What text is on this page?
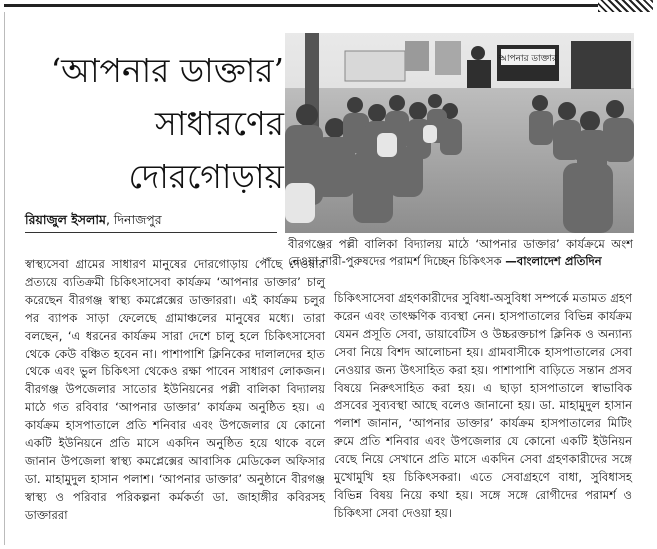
‘আপনার ডাক্তার’
সাধারণের
দোরগোড়ায়
রিয়াজুল ইসলাম, দিনাজপুর
আপনার ডাক্তার
বীরগঞ্জের পল্লী বালিকা বিদ্যালয় মাঠে ‘আপনার ডাক্তার’ কার্যক্রমে অংশ নেওয়া নারী-পুরুষদের পরামর্শ দিচ্ছেন চিকিৎসক —বাংলাদেশ প্রতিদিন
স্বাস্থ্যসেবা গ্রামের সাধারণ মানুষের দোরগোড়ায় পৌঁছে দেওয়ার প্রত্যয়ে ব্যতিক্রমী চিকিৎসাসেবা কার্যক্রম ‘আপনার ডাক্তার’ চালু করেছেন বীরগঞ্জ স্বাস্থ্য কমপ্লেক্সের ডাক্তাররা। এই কার্যক্রম চলুর পর ব্যাপক সাড়া ফেলেছে গ্রামাঞ্চলের মানুষের মধ্যে। তারা বলছেন, ‘এ ধরনের কার্যক্রম সারা দেশে চালু হলে চিকিৎসাসেবা থেকে কেউ বঞ্চিত হবেন না। পাশাপাশি ক্লিনিকের দালালদের হাত থেকে এবং ভুল চিকিৎসা থেকেও রক্ষা পাবেন সাধারণ লোকজন। বীরগঞ্জ উপজেলার সাতোর ইউনিয়নের পল্লী বালিকা বিদ্যালয় মাঠে গত রবিবার ‘আপনার ডাক্তার’ কার্যক্রম অনুষ্ঠিত হয়। এ কার্যক্রম হাসপাতালে প্রতি শনিবার এবং উপজেলার যে কোনো একটি ইউনিয়নে প্রতি মাসে একদিন অনুষ্ঠিত হয়ে থাকে বলে জানান উপজেলা স্বাস্থ্য কমপ্লেক্সের আবাসিক মেডিকেল অফিসার ডা. মাহামুদুল হাসান পলাশ। ‘আপনার ডাক্তার’ অনুষ্ঠানে বীরগঞ্জ স্বাস্থ্য ও পরিবার পরিকল্পনা কর্মকর্তা ডা. জাহাঙ্গীর কবিরসহ ডাক্তাররা
চিকিৎসাসেবা গ্রহণকারীদের সুবিধা-অসুবিধা সম্পর্কে মতামত গ্রহণ করেন এবং তাৎক্ষণিক ব্যবস্থা নেন। হাসপাতালের বিভিন্ন কার্যক্রম যেমন প্রসূতি সেবা, ডায়াবেটিস ও উচ্চরক্তচাপ ক্লিনিক ও অন্যান্য সেবা নিয়ে বিশদ আলোচনা হয়। গ্রামবাসীকে হাসপাতালের সেবা নেওয়ার জন্য উৎসাহিত করা হয়। পাশাপাশি বাড়িতে সন্তান প্রসব বিষয়ে নিরুৎসাহিত করা হয়। এ ছাড়া হাসপাতালে স্বাভাবিক প্রসবের সুব্যবস্থা আছে বলেও জানানো হয়। ডা. মাহামুদুল হাসান পলাশ জানান, ‘আপনার ডাক্তার’ কার্যক্রম হাসপাতালের মিটিং রুমে প্রতি শনিবার এবং উপজেলার যে কোনো একটি ইউনিয়ন বেছে নিয়ে সেখানে প্রতি মাসে একদিন সেবা গ্রহণকারীদের সঙ্গে মুখোমুখি হয় চিকিৎসকরা। এতে সেবাগ্রহণে বাধা, সুবিধাসহ বিভিন্ন বিষয় নিয়ে কথা হয়। সঙ্গে সঙ্গে রোগীদের পরামর্শ ও চিকিৎসা সেবা দেওয়া হয়।
